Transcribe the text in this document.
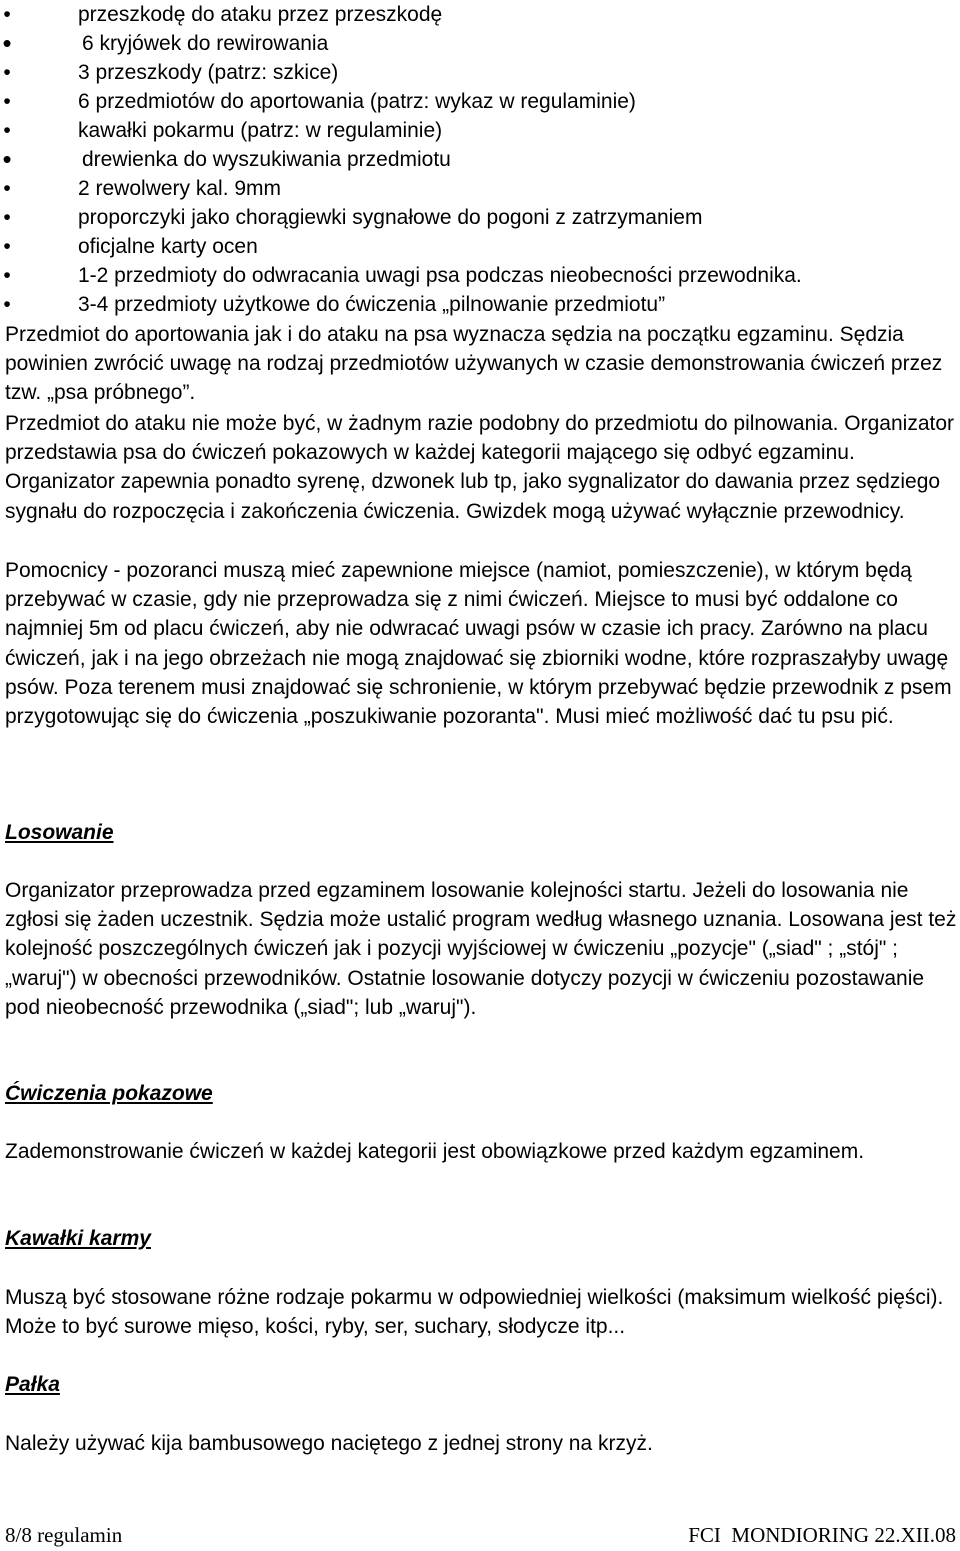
•	przeszkodę do ataku przez przeszkodę
•	6 kryjówek do rewirowania
•	3 przeszkody (patrz: szkice)
•	6 przedmiotów do aportowania (patrz: wykaz w regulaminie)
•	kawałki pokarmu (patrz: w regulaminie)
•	drewienka do wyszukiwania przedmiotu
•	2 rewolwery kal. 9mm
•	proporczyki jako chorągiewki sygnałowe do pogoni z zatrzymaniem
•	oficjalne karty ocen
•	1-2 przedmioty do odwracania uwagi psa podczas nieobecności przewodnika.
•	3-4 przedmioty użytkowe do ćwiczenia „pilnowanie przedmiotu”

Przedmiot do aportowania jak i do ataku na psa wyznacza sędzia na początku egzaminu. Sędzia powinien zwrócić uwagę na rodzaj przedmiotów używanych w czasie demonstrowania ćwiczeń przez tzw. „psa próbnego”.

Przedmiot do ataku nie może być, w żadnym razie podobny do przedmiotu do pilnowania. Organizator przedstawia psa do ćwiczeń pokazowych w każdej kategorii mającego się odbyć egzaminu. Organizator zapewnia ponadto syrenę, dzwonek lub tp, jako sygnalizator do dawania przez sędziego sygnału do rozpoczęcia i zakończenia ćwiczenia. Gwizdek mogą używać wyłącznie przewodnicy.

Pomocnicy - pozoranci muszą mieć zapewnione miejsce (namiot, pomieszczenie), w którym będą przebywać w czasie, gdy nie przeprowadza się z nimi ćwiczeń. Miejsce to musi być oddalone co najmniej 5m od placu ćwiczeń, aby nie odwracać uwagi psów w czasie ich pracy. Zarówno na placu ćwiczeń, jak i na jego obrzeżach nie mogą znajdować się zbiorniki wodne, które rozpraszałyby uwagę psów. Poza terenem musi znajdować się schronienie, w którym przebywać będzie przewodnik z psem przygotowując się do ćwiczenia „poszukiwanie pozoranta". Musi mieć możliwość dać tu psu pić.

Losowanie

Organizator przeprowadza przed egzaminem losowanie kolejności startu. Jeżeli do losowania nie zgłosi się żaden uczestnik. Sędzia może ustalić program według własnego uznania. Losowana jest też kolejność poszczególnych ćwiczeń jak i pozycji wyjściowej w ćwiczeniu „pozycje" („siad" ; „stój" ; „waruj") w obecności przewodników. Ostatnie losowanie dotyczy pozycji w ćwiczeniu pozostawanie pod nieobecność przewodnika („siad"; lub „waruj").

Ćwiczenia pokazowe

Zademonstrowanie ćwiczeń w każdej kategorii jest obowiązkowe przed każdym egzaminem.

Kawałki karmy

Muszą być stosowane różne rodzaje pokarmu w odpowiedniej wielkości (maksimum wielkość pięści). Może to być surowe mięso, kości, ryby, ser, suchary, słodycze itp...

Pałka

Należy używać kija bambusowego naciętego z jednej strony na krzyż.

8/8 regulamin	FCI  MONDIORING 22.XII.08
